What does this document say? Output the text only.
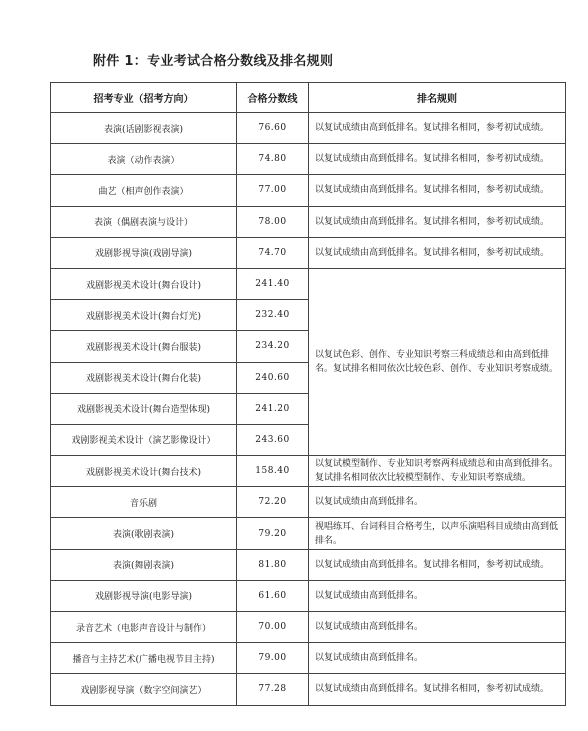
附件 1：专业考试合格分数线及排名规则
招考专业（招考方向）	合格分数线	排名规则
表演(话剧影视表演)	76.60	以复试成绩由高到低排名。复试排名相同，参考初试成绩。
表演（动作表演）	74.80	以复试成绩由高到低排名。复试排名相同，参考初试成绩。
曲艺（相声创作表演）	77.00	以复试成绩由高到低排名。复试排名相同，参考初试成绩。
表演（偶剧表演与设计）	78.00	以复试成绩由高到低排名。复试排名相同，参考初试成绩。
戏剧影视导演(戏剧导演)	74.70	以复试成绩由高到低排名。复试排名相同，参考初试成绩。
戏剧影视美术设计(舞台设计)	241.40	以复试色彩、创作、专业知识考察三科成绩总和由高到低排名。复试排名相同依次比较色彩、创作、专业知识考察成绩。
戏剧影视美术设计(舞台灯光)	232.40	
戏剧影视美术设计(舞台服装)	234.20	
戏剧影视美术设计(舞台化装)	240.60	
戏剧影视美术设计(舞台造型体现)	241.20	
戏剧影视美术设计（演艺影像设计）	243.60	
戏剧影视美术设计(舞台技术)	158.40	以复试模型制作、专业知识考察两科成绩总和由高到低排名。复试排名相同依次比较模型制作、专业知识考察成绩。
音乐剧	72.20	以复试成绩由高到低排名。
表演(歌剧表演)	79.20	视唱练耳、台词科目合格考生，以声乐演唱科目成绩由高到低排名。
表演(舞剧表演)	81.80	以复试成绩由高到低排名。复试排名相同，参考初试成绩。
戏剧影视导演(电影导演)	61.60	以复试成绩由高到低排名。
录音艺术（电影声音设计与制作）	70.00	以复试成绩由高到低排名。
播音与主持艺术(广播电视节目主持)	79.00	以复试成绩由高到低排名。
戏剧影视导演（数字空间演艺）	77.28	以复试成绩由高到低排名。复试排名相同，参考初试成绩。
